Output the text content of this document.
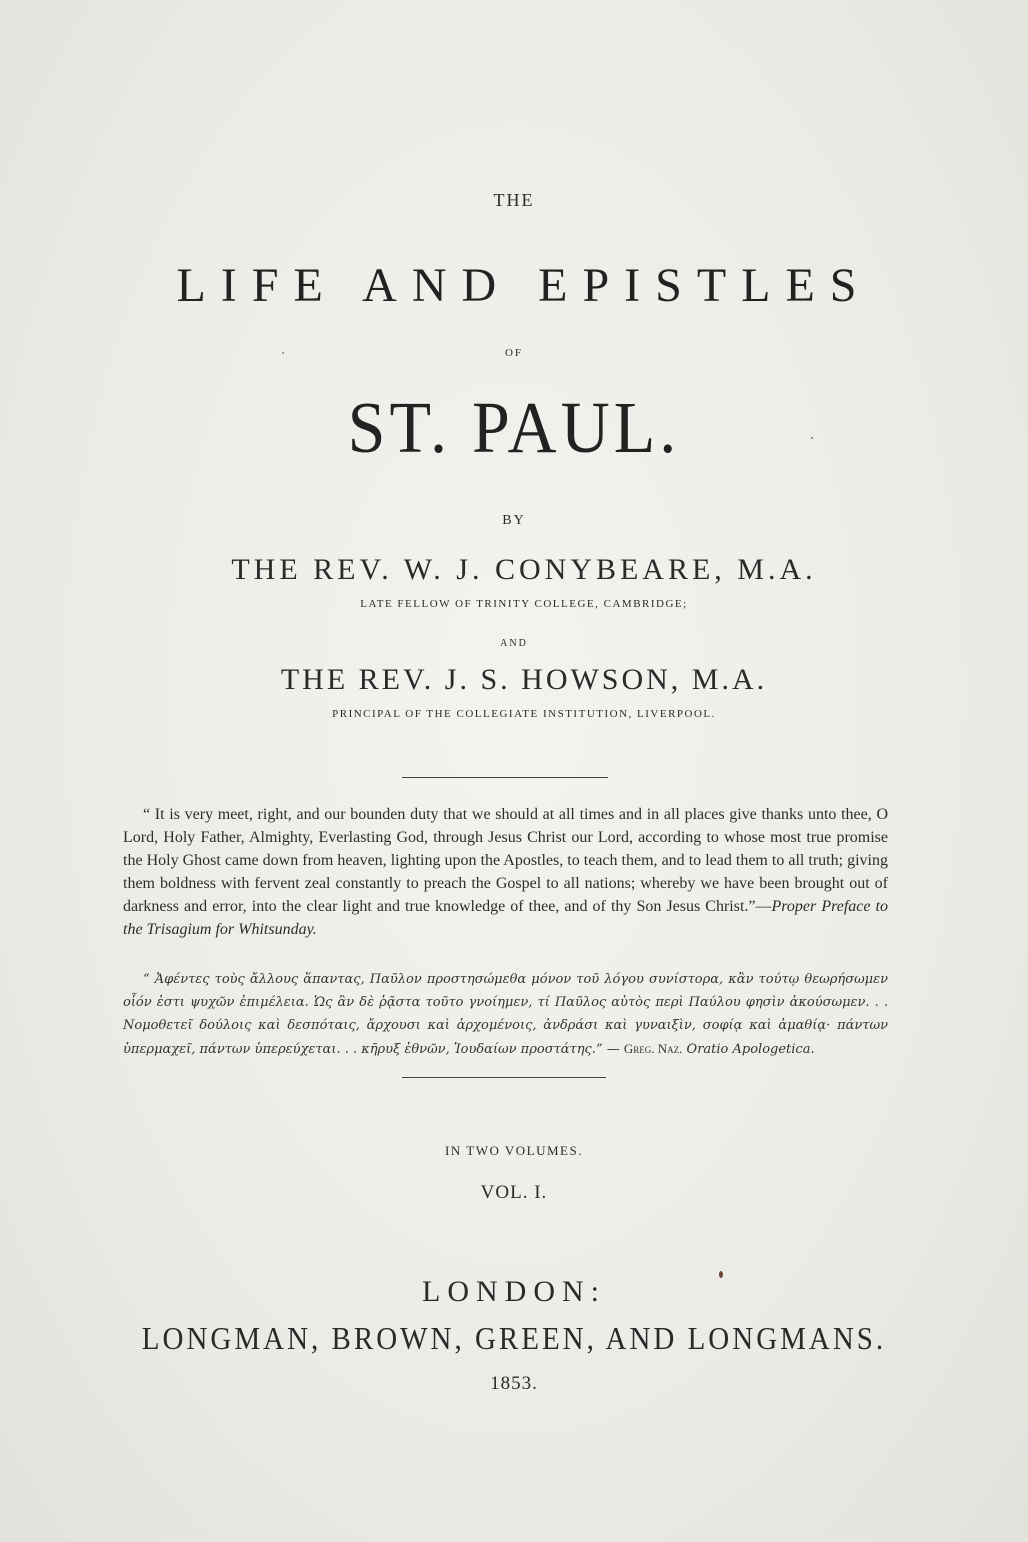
THE
LIFE AND EPISTLES
OF
ST. PAUL.
BY
THE REV. W. J. CONYBEARE, M.A.
LATE FELLOW OF TRINITY COLLEGE, CAMBRIDGE;
AND
THE REV. J. S. HOWSON, M.A.
PRINCIPAL OF THE COLLEGIATE INSTITUTION, LIVERPOOL.
“ It is very meet, right, and our bounden duty that we should at all times and in all places give thanks unto thee, O Lord, Holy Father, Almighty, Everlasting God, through Jesus Christ our Lord, according to whose most true promise the Holy Ghost came down from heaven, lighting upon the Apostles, to teach them, and to lead them to all truth; giving them boldness with fervent zeal constantly to preach the Gospel to all nations; whereby we have been brought out of darkness and error, into the clear light and true knowledge of thee, and of thy Son Jesus Christ.”—Proper Preface to the Trisagium for Whitsunday.
“ Ἀφέντες τοὺς ἄλλους ἅπαντας, Παῦλον προστησώμεθα μόνον τοῦ λόγου συνίστορα, κἂν τούτῳ θεωρήσωμεν οἷόν ἐστι ψυχῶν ἐπιμέλεια. Ὡς ἂν δὲ ῥᾷστα τοῦτο γνοίημεν, τί Παῦλος αὐτὸς περὶ Παύλου φησὶν ἀκούσωμεν. . . Νομοθετεῖ δούλοις καὶ δεσπόταις, ἄρχουσι καὶ ἀρχομένοις, ἀνδράσι καὶ γυναιξὶν, σοφίᾳ καὶ ἀμαθίᾳ· πάντων ὑπερμαχεῖ, πάντων ὑπερεύχεται. . . κῆρυξ ἐθνῶν, Ἰουδαίων προστάτης.” — Greg. Naz. Oratio Apologetica.
IN TWO VOLUMES.
VOL. I.
LONDON:
LONGMAN, BROWN, GREEN, AND LONGMANS.
1853.
